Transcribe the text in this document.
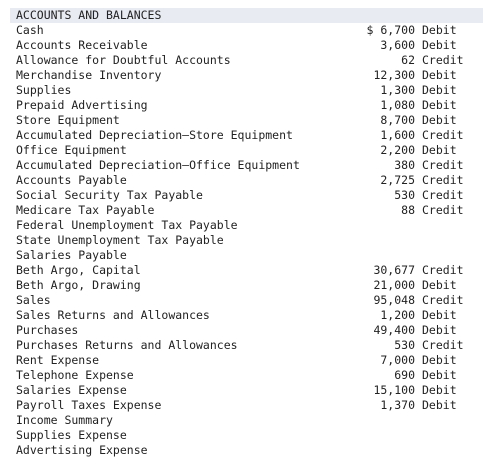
ACCOUNTS AND BALANCES
Cash	$ 6,700 Debit
Accounts Receivable	3,600 Debit
Allowance for Doubtful Accounts	62 Credit
Merchandise Inventory	12,300 Debit
Supplies	1,300 Debit
Prepaid Advertising	1,080 Debit
Store Equipment	8,700 Debit
Accumulated Depreciation–Store Equipment	1,600 Credit
Office Equipment	2,200 Debit
Accumulated Depreciation–Office Equipment	380 Credit
Accounts Payable	2,725 Credit
Social Security Tax Payable	530 Credit
Medicare Tax Payable	88 Credit
Federal Unemployment Tax Payable
State Unemployment Tax Payable
Salaries Payable
Beth Argo, Capital	30,677 Credit
Beth Argo, Drawing	21,000 Debit
Sales	95,048 Credit
Sales Returns and Allowances	1,200 Debit
Purchases	49,400 Debit
Purchases Returns and Allowances	530 Credit
Rent Expense	7,000 Debit
Telephone Expense	690 Debit
Salaries Expense	15,100 Debit
Payroll Taxes Expense	1,370 Debit
Income Summary
Supplies Expense
Advertising Expense
